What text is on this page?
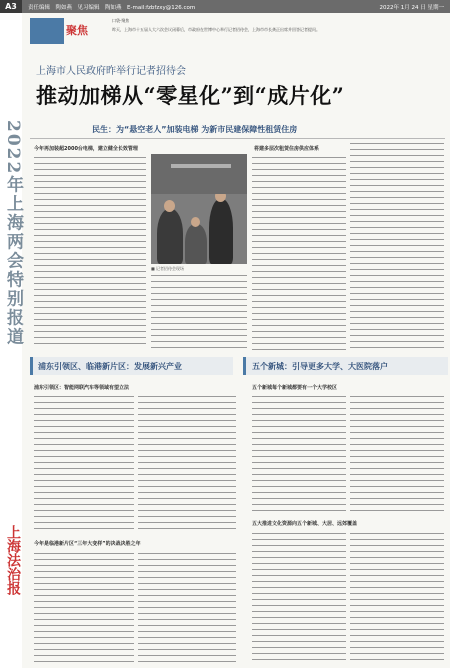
A3	责任编辑　陶如燕　见习编辑　陶如燕　E-mail:fzbfzxy@126.com	2022年 1月 24 日 星期一
2022年上海两会特别报道
上海法治报
聚焦
口袋·聚焦
昨天，上海市十五届人大六次会议闭幕后，市政府在世博中心举行记者招待会，上海市市长龚正出席并回答记者提问。
上海市人民政府昨举行记者招待会
推动加梯从“零星化”到“成片化”
民生：为“悬空老人”加装电梯 为新市民建保障性租赁住房
今年再加装超2000台电梯，建立健全长效管理	将建多层次租赁住房供应体系
■ 记者招待会现场
浦东引领区、临港新片区：发展新兴产业	五个新城：引导更多大学、大医院落户
浦东引领区：智能网联汽车等领域有望立法	五个新城每个新城都要有一个大学校区
今年是临港新片区“三年大变样”的决战决胜之年
五大推进文化资源向五个新城、大居、远郊覆盖
